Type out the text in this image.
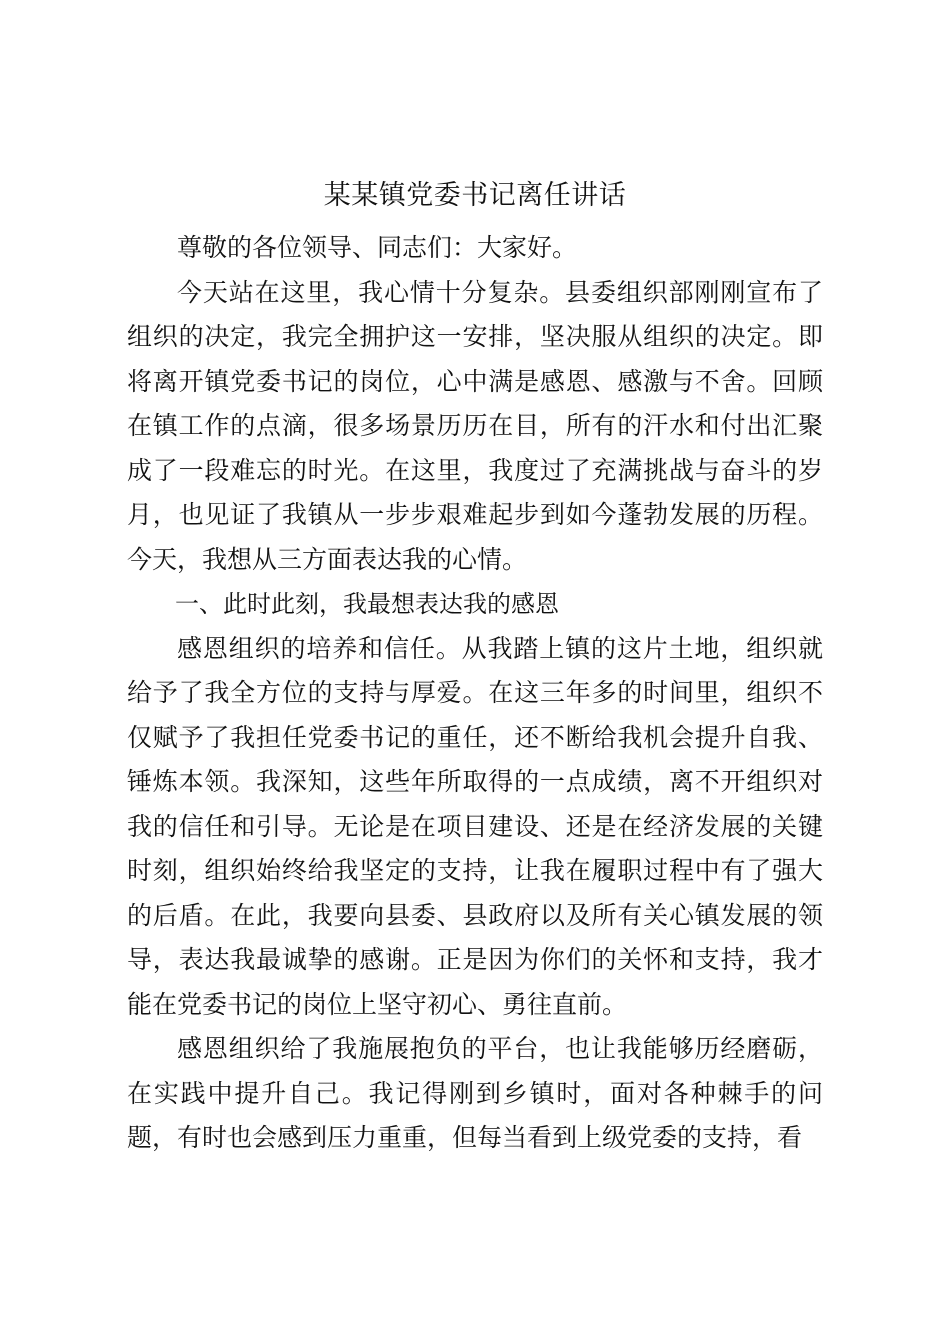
某某镇党委书记离任讲话

尊敬的各位领导、同志们：大家好。

今天站在这里，我心情十分复杂。县委组织部刚刚宣布了组织的决定，我完全拥护这一安排，坚决服从组织的决定。即将离开镇党委书记的岗位，心中满是感恩、感激与不舍。回顾在镇工作的点滴，很多场景历历在目，所有的汗水和付出汇聚成了一段难忘的时光。在这里，我度过了充满挑战与奋斗的岁月，也见证了我镇从一步步艰难起步到如今蓬勃发展的历程。今天，我想从三方面表达我的心情。

一、此时此刻，我最想表达我的感恩

感恩组织的培养和信任。从我踏上镇的这片土地，组织就给予了我全方位的支持与厚爱。在这三年多的时间里，组织不仅赋予了我担任党委书记的重任，还不断给我机会提升自我、锤炼本领。我深知，这些年所取得的一点成绩，离不开组织对我的信任和引导。无论是在项目建设、还是在经济发展的关键时刻，组织始终给我坚定的支持，让我在履职过程中有了强大的后盾。在此，我要向县委、县政府以及所有关心镇发展的领导，表达我最诚挚的感谢。正是因为你们的关怀和支持，我才能在党委书记的岗位上坚守初心、勇往直前。

感恩组织给了我施展抱负的平台，也让我能够历经磨砺，在实践中提升自己。我记得刚到乡镇时，面对各种棘手的问题，有时也会感到压力重重，但每当看到上级党委的支持，看
